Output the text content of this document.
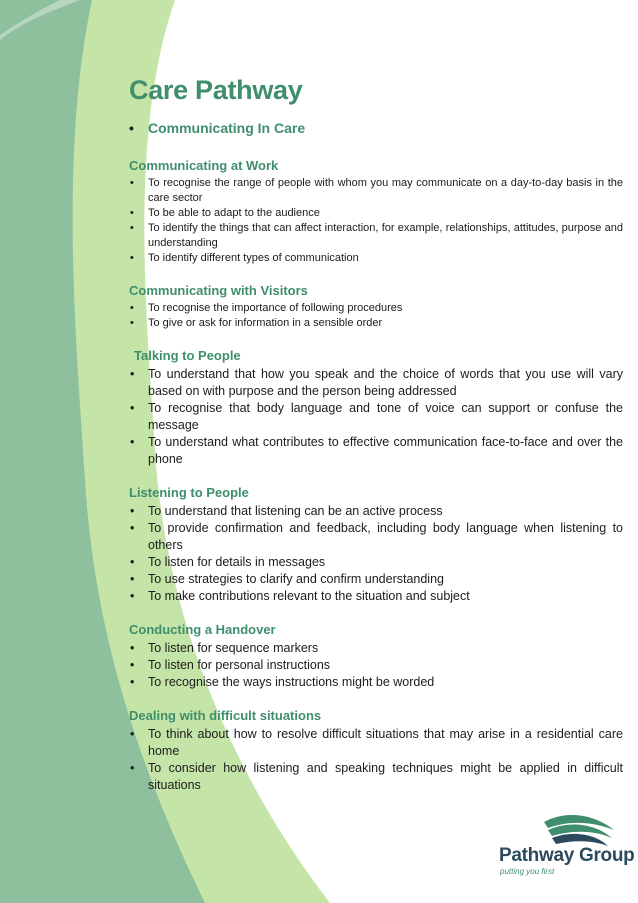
Care Pathway
•	Communicating In Care
Communicating at Work
• To recognise the range of people with whom you may communicate on a day-to-day basis in the care sector
• To be able to adapt to the audience
• To identify the things that can affect interaction, for example, relationships, attitudes, purpose and understanding
• To identify different types of communication
Communicating with Visitors
• To recognise the importance of following procedures
• To give or ask for information in a sensible order
Talking to People
• To understand that how you speak and the choice of words that you use will vary based on with purpose and the person being addressed
• To recognise that body language and tone of voice can support or confuse the message
• To understand what contributes to effective communication face-to-face and over the phone
Listening to People
• To understand that listening can be an active process
• To provide confirmation and feedback, including body language when listening to others
• To listen for details in messages
• To use strategies to clarify and confirm understanding
• To make contributions relevant to the situation and subject
Conducting a Handover
• To listen for sequence markers
• To listen for personal instructions
• To recognise the ways instructions might be worded
Dealing with difficult situations
• To think about how to resolve difficult situations that may arise in a residential care home
• To consider how listening and speaking techniques might be applied in difficult situations
Pathway Group
putting you first
